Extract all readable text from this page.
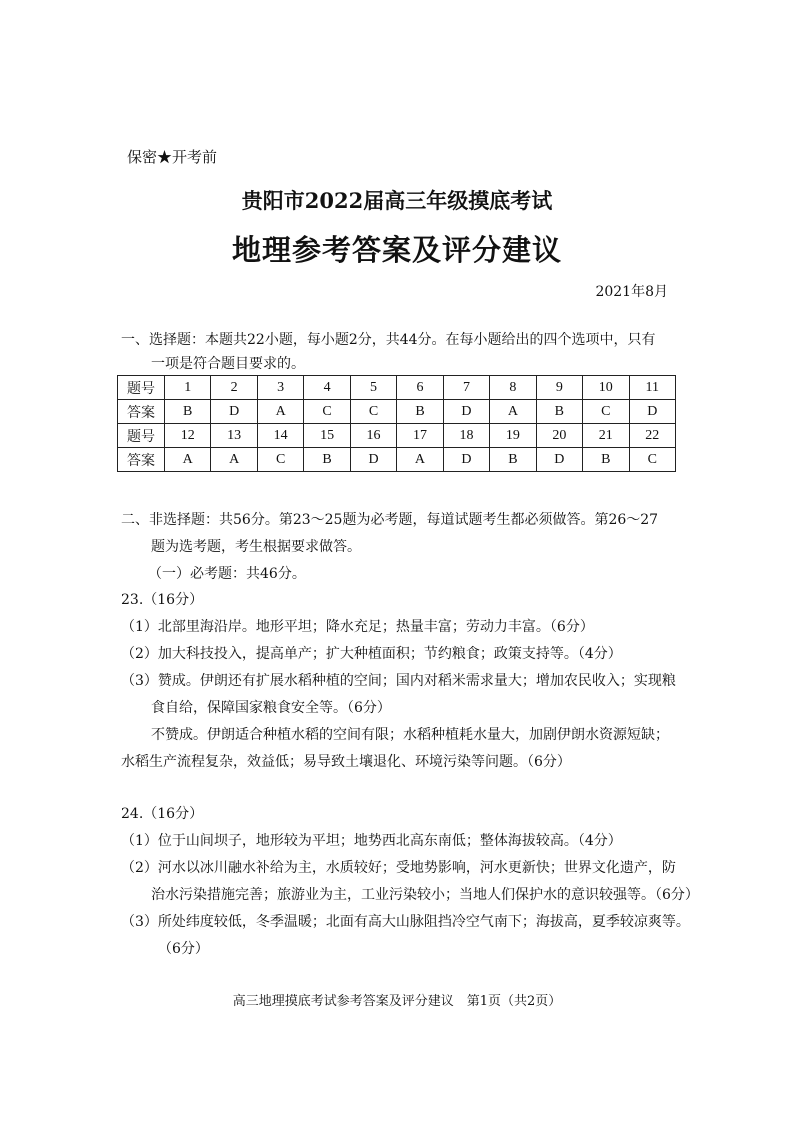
保密★开考前
贵阳市2022届高三年级摸底考试
地理参考答案及评分建议
2021年8月
一、选择题：本题共22小题，每小题2分，共44分。在每小题给出的四个选项中，只有
一项是符合题目要求的。
题号	1	2	3	4	5	6	7	8	9	10	11
答案	B	D	A	C	C	B	D	A	B	C	D
题号	12	13	14	15	16	17	18	19	20	21	22
答案	A	A	C	B	D	A	D	B	D	B	C
二、非选择题：共56分。第23～25题为必考题，每道试题考生都必须做答。第26～27
题为选考题，考生根据要求做答。
（一）必考题：共46分。
23.（16分）
（1）北部里海沿岸。地形平坦；降水充足；热量丰富；劳动力丰富。（6分）
（2）加大科技投入，提高单产；扩大种植面积；节约粮食；政策支持等。（4分）
（3）赞成。伊朗还有扩展水稻种植的空间；国内对稻米需求量大；增加农民收入；实现粮
食自给，保障国家粮食安全等。（6分）
不赞成。伊朗适合种植水稻的空间有限；水稻种植耗水量大，加剧伊朗水资源短缺；
水稻生产流程复杂，效益低；易导致土壤退化、环境污染等问题。（6分）
24.（16分）
（1）位于山间坝子，地形较为平坦；地势西北高东南低；整体海拔较高。（4分）
（2）河水以冰川融水补给为主，水质较好；受地势影响，河水更新快；世界文化遗产，防
治水污染措施完善；旅游业为主，工业污染较小；当地人们保护水的意识较强等。（6分）
（3）所处纬度较低，冬季温暖；北面有高大山脉阻挡冷空气南下；海拔高，夏季较凉爽等。
（6分）
高三地理摸底考试参考答案及评分建议　第1页（共2页）
